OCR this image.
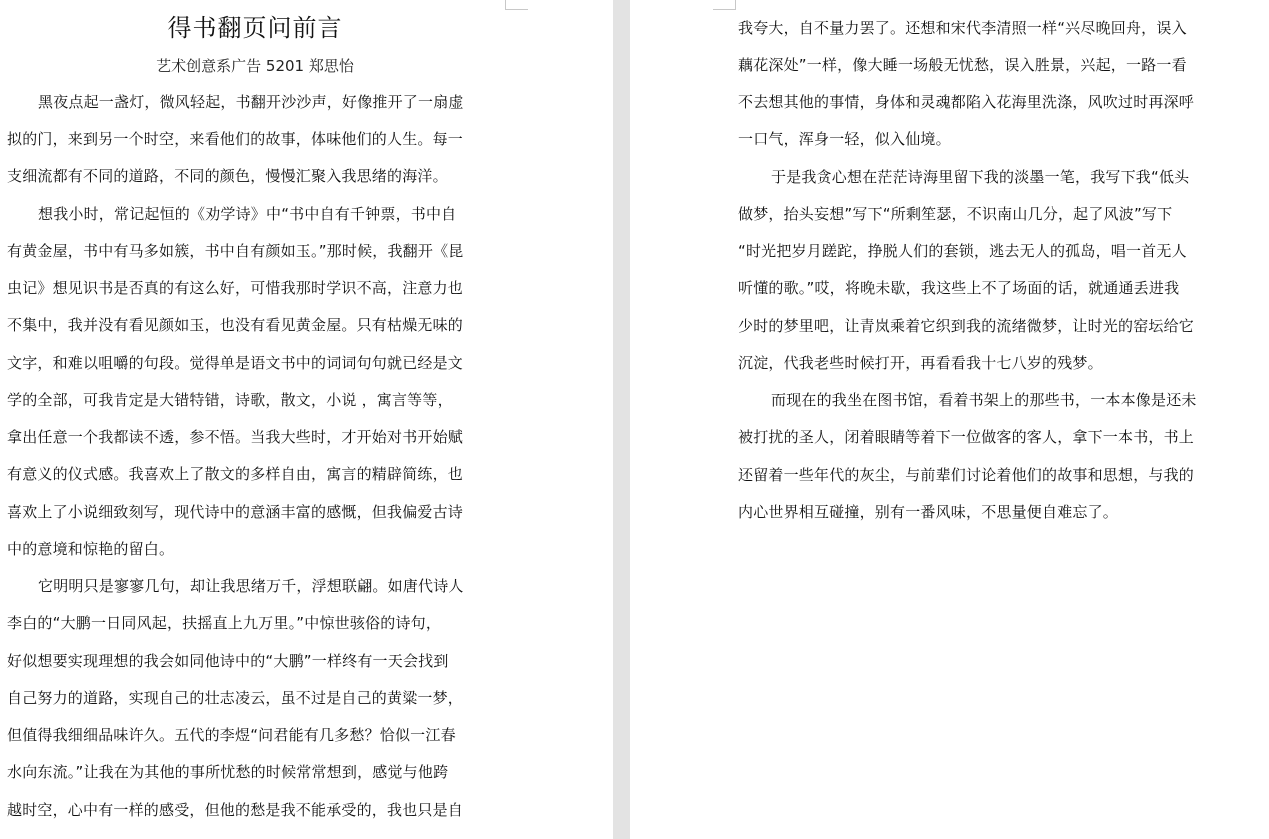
得书翻页问前言
艺术创意系广告 5201 郑思怡
黑夜点起一盏灯，微风轻起，书翻开沙沙声，好像推开了一扇虚
拟的门，来到另一个时空，来看他们的故事，体味他们的人生。每一
支细流都有不同的道路，不同的颜色，慢慢汇聚入我思绪的海洋。
想我小时，常记起恒的《劝学诗》中“书中自有千钟票，书中自
有黄金屋，书中有马多如簇，书中自有颜如玉。”那时候，我翻开《昆
虫记》想见识书是否真的有这么好，可惜我那时学识不高，注意力也
不集中，我并没有看见颜如玉，也没有看见黄金屋。只有枯燥无味的
文字，和难以咀嚼的句段。觉得单是语文书中的词词句句就已经是文
学的全部，可我肯定是大错特错，诗歌，散文，小说 ，寓言等等，
拿出任意一个我都读不透，参不悟。当我大些时，才开始对书开始赋
有意义的仪式感。我喜欢上了散文的多样自由，寓言的精辟简练，也
喜欢上了小说细致刻写，现代诗中的意涵丰富的感慨，但我偏爱古诗
中的意境和惊艳的留白。
它明明只是寥寥几句，却让我思绪万千，浮想联翩。如唐代诗人
李白的“大鹏一日同风起，扶摇直上九万里。”中惊世骇俗的诗句，
好似想要实现理想的我会如同他诗中的“大鹏”一样终有一天会找到
自己努力的道路，实现自己的壮志凌云，虽不过是自己的黄粱一梦，
但值得我细细品味许久。五代的李煜“问君能有几多愁？恰似一江春
水向东流。”让我在为其他的事所忧愁的时候常常想到，感觉与他跨
越时空，心中有一样的感受，但他的愁是我不能承受的，我也只是自
我夸大，自不量力罢了。还想和宋代李清照一样“兴尽晚回舟，误入
藕花深处”一样，像大睡一场般无忧愁，误入胜景，兴起，一路一看
不去想其他的事情，身体和灵魂都陷入花海里洗涤，风吹过时再深呼
一口气，浑身一轻，似入仙境。
于是我贪心想在茫茫诗海里留下我的淡墨一笔，我写下我“低头
做梦，抬头妄想”写下“所剩笙瑟，不识南山几分，起了风波”写下
“时光把岁月蹉跎，挣脱人们的套锁，逃去无人的孤岛，唱一首无人
听懂的歌。”哎，将晚未歇，我这些上不了场面的话，就通通丢进我
少时的梦里吧，让青岚乘着它织到我的流绪微梦，让时光的窑坛给它
沉淀，代我老些时候打开，再看看我十七八岁的残梦。
而现在的我坐在图书馆，看着书架上的那些书，一本本像是还未
被打扰的圣人，闭着眼睛等着下一位做客的客人，拿下一本书，书上
还留着一些年代的灰尘，与前辈们讨论着他们的故事和思想，与我的
内心世界相互碰撞，别有一番风味，不思量便自难忘了。
